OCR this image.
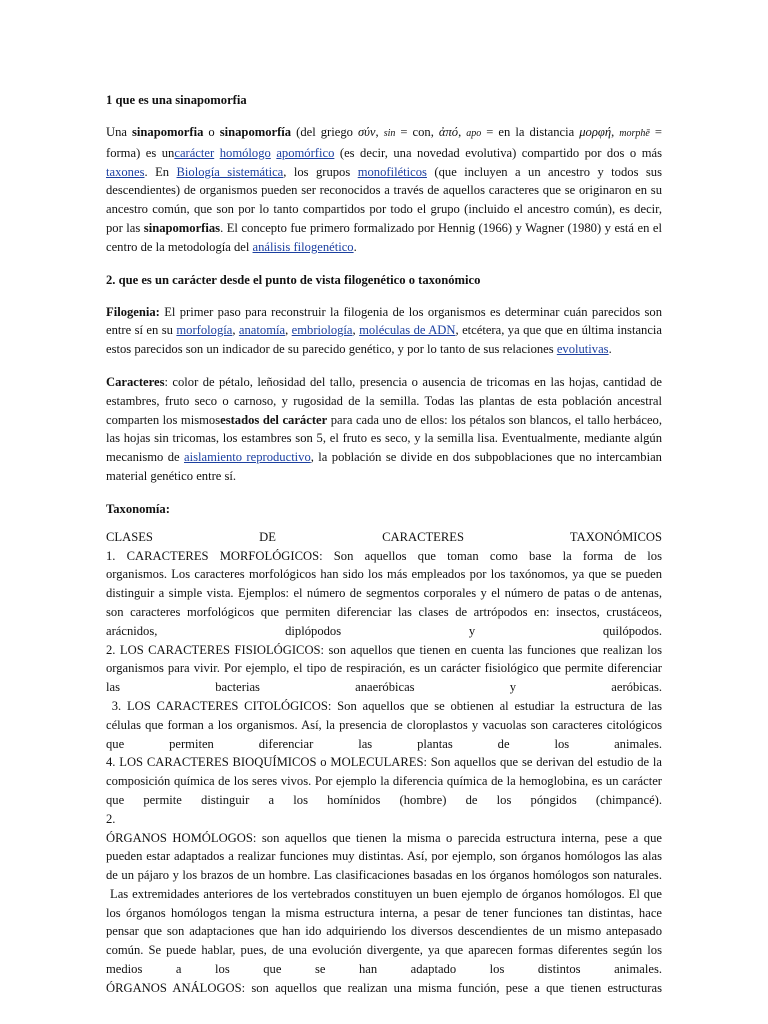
1 que es una sinapomorfia

Una sinapomorfia o sinapomorfía (del griego σύν, sin = con, ἀπό, apo = en la distancia μορφή, morphē = forma) es uncarácter homólogo apomórfico (es decir, una novedad evolutiva) compartido por dos o más taxones. En Biología sistemática, los grupos monofiléticos (que incluyen a un ancestro y todos sus descendientes) de organismos pueden ser reconocidos a través de aquellos caracteres que se originaron en su ancestro común, que son por lo tanto compartidos por todo el grupo (incluido el ancestro común), es decir, por las sinapomorfias. El concepto fue primero formalizado por Hennig (1966) y Wagner (1980) y está en el centro de la metodología del análisis filogenético.

2. que es un carácter desde el punto de vista filogenético o taxonómico

Filogenia: El primer paso para reconstruir la filogenia de los organismos es determinar cuán parecidos son entre sí en su morfología, anatomía, embriología, moléculas de ADN, etcétera, ya que que en última instancia estos parecidos son un indicador de su parecido genético, y por lo tanto de sus relaciones evolutivas.

Caracteres: color de pétalo, leñosidad del tallo, presencia o ausencia de tricomas en las hojas, cantidad de estambres, fruto seco o carnoso, y rugosidad de la semilla. Todas las plantas de esta población ancestral comparten los mismosestados del carácter para cada uno de ellos: los pétalos son blancos, el tallo herbáceo, las hojas sin tricomas, los estambres son 5, el fruto es seco, y la semilla lisa. Eventualmente, mediante algún mecanismo de aislamiento reproductivo, la población se divide en dos subpoblaciones que no intercambian material genético entre sí.

Taxonomía:

CLASES DE CARACTERES TAXONÓMICOS

1. CARACTERES MORFOLÓGICOS: Son aquellos que toman como base la forma de los

organismos. Los caracteres morfológicos han sido los más empleados por los taxónomos, ya que se pueden

distinguir a simple vista. Ejemplos: el número de segmentos corporales y el número de patas o de antenas,

son caracteres morfológicos que permiten diferenciar las clases de artrópodos en: insectos, crustáceos,

arácnidos, diplópodos y quilópodos.

2. LOS CARACTERES FISIOLÓGICOS: son aquellos que tienen en cuenta las funciones que realizan los

organismos para vivir. Por ejemplo, el tipo de respiración, es un carácter fisiológico que permite diferenciar

las bacterias anaeróbicas y aeróbicas.

3. LOS CARACTERES CITOLÓGICOS: Son aquellos que se obtienen al estudiar la estructura de las

células que forman a los organismos. Así, la presencia de cloroplastos y vacuolas son caracteres citológicos

que permiten diferenciar las plantas de los animales.

4. LOS CARACTERES BIOQUÍMICOS o MOLECULARES: Son aquellos que se derivan del estudio de la

composición química de los seres vivos. Por ejemplo la diferencia química de la hemoglobina, es un carácter

que permite distinguir a los homínidos (hombre) de los póngidos (chimpancé).

2.

ÓRGANOS HOMÓLOGOS: son aquellos que tienen la misma o parecida estructura interna, pese a que

pueden estar adaptados a realizar funciones muy distintas. Así, por ejemplo, son órganos homólogos las alas

de un pájaro y los brazos de un hombre. Las clasificaciones basadas en los órganos homólogos son naturales.

Las extremidades anteriores de los vertebrados constituyen un buen ejemplo de órganos homólogos. El que

los órganos homólogos tengan la misma estructura interna, a pesar de tener funciones tan distintas, hace

pensar que son adaptaciones que han ido adquiriendo los diversos descendientes de un mismo antepasado

común. Se puede hablar, pues, de una evolución divergente, ya que aparecen formas diferentes según los

medios a los que se han adaptado los distintos animales.

ÓRGANOS ANÁLOGOS: son aquellos que realizan una misma función, pese a que tienen estructuras
